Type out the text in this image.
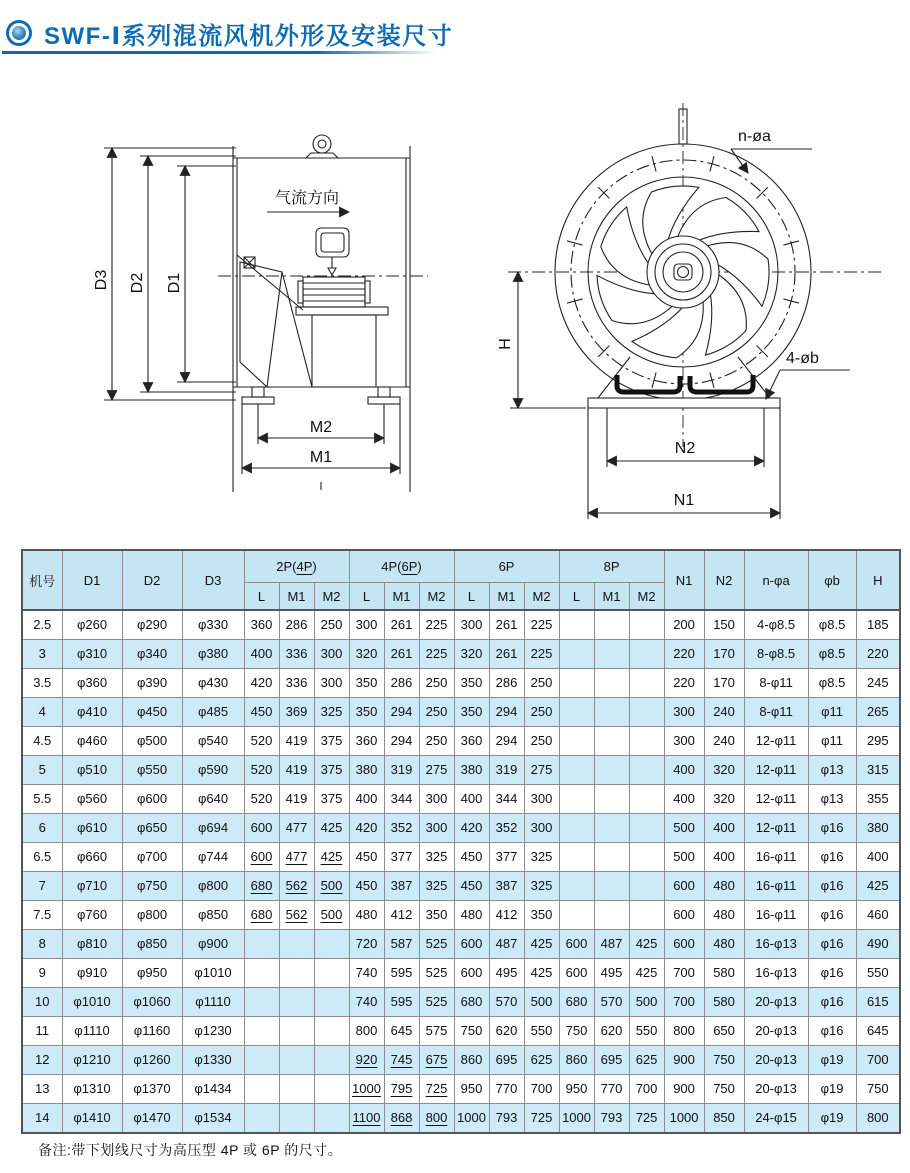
SWF-Ⅰ系列混流风机外形及安装尺寸
气流方向
D3 D2 D1
M2
M1
n-øa
4-øb
H
N2
N1
机号	D1	D2	D3	2P(4P)			4P(6P)			6P			8P			N1	N2	n-φa	φb	H
				L	M1	M2	L	M1	M2	L	M1	M2	L	M1	M2					
2.5	φ260	φ290	φ330	360	286	250	300	261	225	300	261	225				200	150	4-φ8.5	φ8.5	185
3	φ310	φ340	φ380	400	336	300	320	261	225	320	261	225				220	170	8-φ8.5	φ8.5	220
3.5	φ360	φ390	φ430	420	336	300	350	286	250	350	286	250				220	170	8-φ11	φ8.5	245
4	φ410	φ450	φ485	450	369	325	350	294	250	350	294	250				300	240	8-φ11	φ11	265
4.5	φ460	φ500	φ540	520	419	375	360	294	250	360	294	250				300	240	12-φ11	φ11	295
5	φ510	φ550	φ590	520	419	375	380	319	275	380	319	275				400	320	12-φ11	φ13	315
5.5	φ560	φ600	φ640	520	419	375	400	344	300	400	344	300				400	320	12-φ11	φ13	355
6	φ610	φ650	φ694	600	477	425	420	352	300	420	352	300				500	400	12-φ11	φ16	380
6.5	φ660	φ700	φ744	600	477	425	450	377	325	450	377	325				500	400	16-φ11	φ16	400
7	φ710	φ750	φ800	680	562	500	450	387	325	450	387	325				600	480	16-φ11	φ16	425
7.5	φ760	φ800	φ850	680	562	500	480	412	350	480	412	350				600	480	16-φ11	φ16	460
8	φ810	φ850	φ900				720	587	525	600	487	425	600	487	425	600	480	16-φ13	φ16	490
9	φ910	φ950	φ1010				740	595	525	600	495	425	600	495	425	700	580	16-φ13	φ16	550
10	φ1010	φ1060	φ1110				740	595	525	680	570	500	680	570	500	700	580	20-φ13	φ16	615
11	φ1110	φ1160	φ1230				800	645	575	750	620	550	750	620	550	800	650	20-φ13	φ16	645
12	φ1210	φ1260	φ1330				920	745	675	860	695	625	860	695	625	900	750	20-φ13	φ19	700
13	φ1310	φ1370	φ1434				1000	795	725	950	770	700	950	770	700	900	750	20-φ13	φ19	750
14	φ1410	φ1470	φ1534				1100	868	800	1000	793	725	1000	793	725	1000	850	24-φ15	φ19	800

备注:带下划线尺寸为高压型 4P 或 6P 的尺寸。
